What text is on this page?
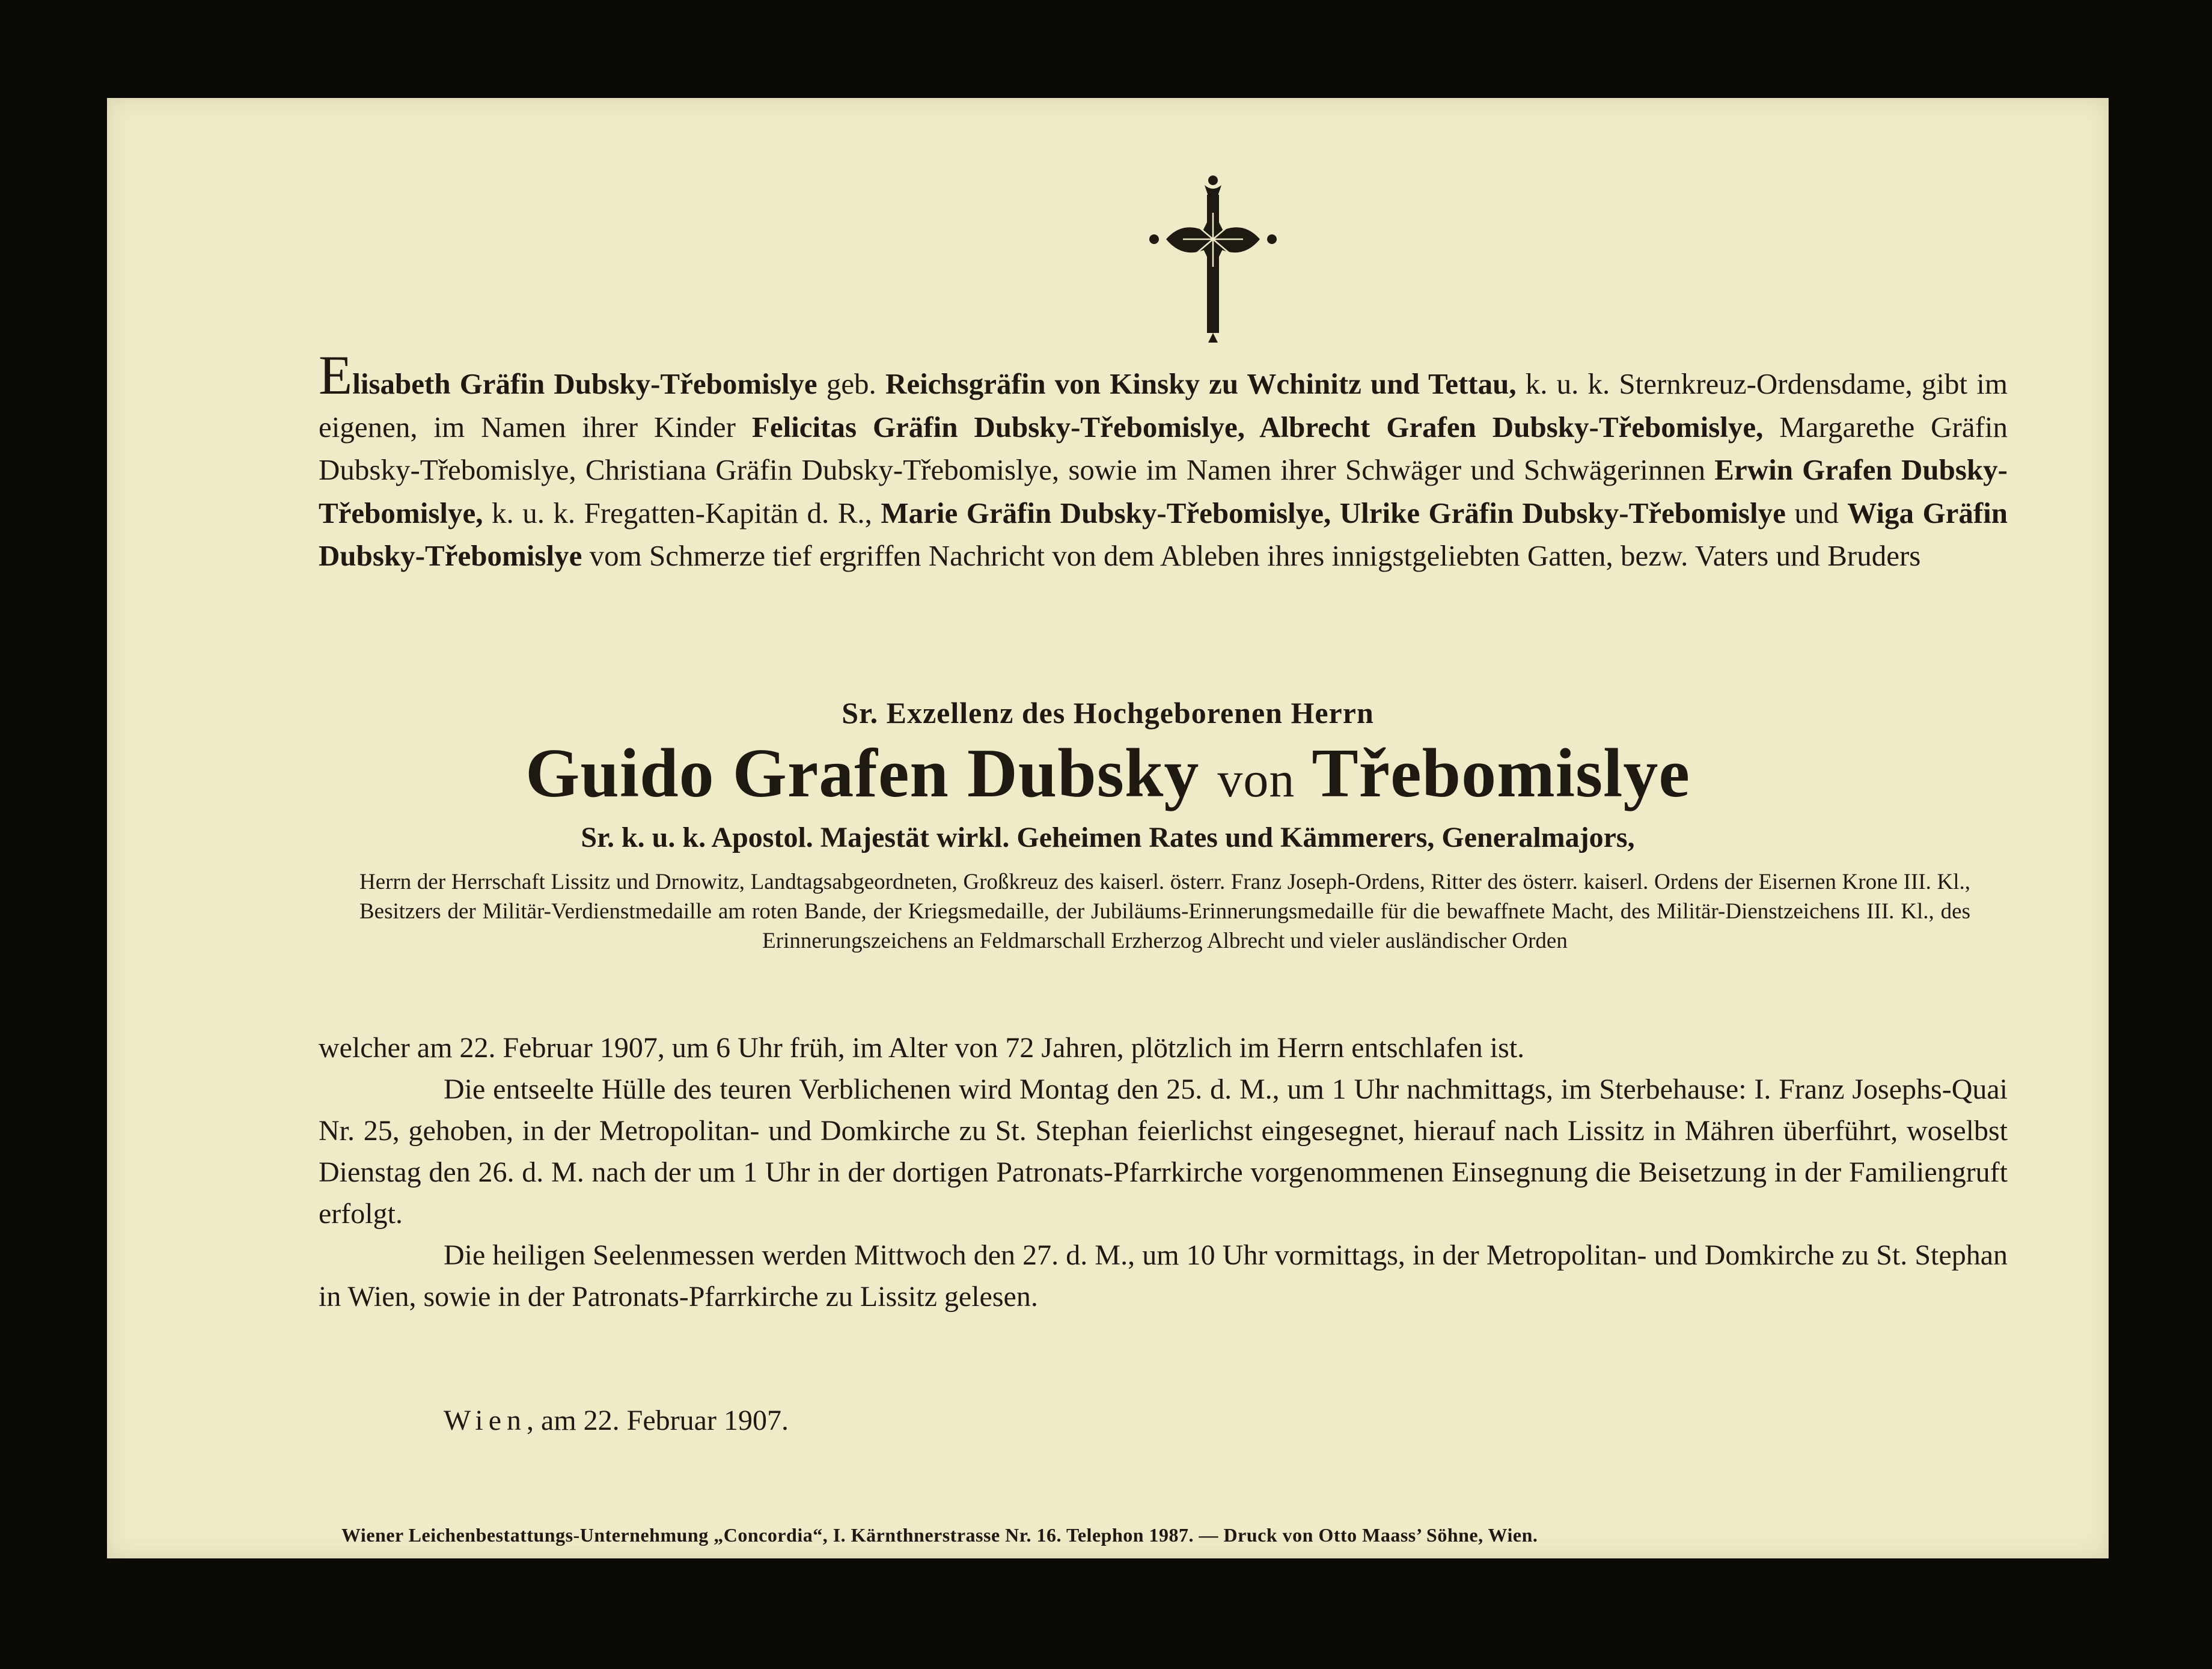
Elisabeth Gräfin Dubsky-Třebomislye geb. Reichsgräfin von Kinsky zu Wchinitz und Tettau, k. u. k. Sternkreuz-Ordensdame, gibt im eigenen, im Namen ihrer Kinder Felicitas Gräfin Dubsky-Třebomislye, Albrecht Grafen Dubsky-Třebomislye, Margarethe Gräfin Dubsky-Třebomislye, Christiana Gräfin Dubsky-Třebomislye, sowie im Namen ihrer Schwäger und Schwägerinnen Erwin Grafen Dubsky-Třebomislye, k. u. k. Fregatten-Kapitän d. R., Marie Gräfin Dubsky-Třebomislye, Ulrike Gräfin Dubsky-Třebomislye und Wiga Gräfin Dubsky-Třebomislye vom Schmerze tief ergriffen Nachricht von dem Ableben ihres innigstgeliebten Gatten, bezw. Vaters und Bruders

Sr. Exzellenz des Hochgeborenen Herrn
Guido Grafen Dubsky von Třebomislye
Sr. k. u. k. Apostol. Majestät wirkl. Geheimen Rates und Kämmerers, Generalmajors,
Herrn der Herrschaft Lissitz und Drnowitz, Landtagsabgeordneten, Großkreuz des kaiserl. österr. Franz Joseph-Ordens, Ritter des österr. kaiserl. Ordens der Eisernen Krone III. Kl., Besitzers der Militär-Verdienstmedaille am roten Bande, der Kriegsmedaille, der Jubiläums-Erinnerungsmedaille für die bewaffnete Macht, des Militär-Dienstzeichens III. Kl., des Erinnerungszeichens an Feldmarschall Erzherzog Albrecht und vieler ausländischer Orden
welcher am 22. Februar 1907, um 6 Uhr früh, im Alter von 72 Jahren, plötzlich im Herrn entschlafen ist.
Die entseelte Hülle des teuren Verblichenen wird Montag den 25. d. M., um 1 Uhr nachmittags, im Sterbehause: I. Franz Josephs-Quai Nr. 25, gehoben, in der Metropolitan- und Domkirche zu St. Stephan feierlichst eingesegnet, hierauf nach Lissitz in Mähren überführt, woselbst Dienstag den 26. d. M. nach der um 1 Uhr in der dortigen Patronats-Pfarrkirche vorgenommenen Einsegnung die Beisetzung in der Familiengruft erfolgt.
Die heiligen Seelenmessen werden Mittwoch den 27. d. M., um 10 Uhr vormittags, in der Metropolitan- und Domkirche zu St. Stephan in Wien, sowie in der Patronats-Pfarrkirche zu Lissitz gelesen.
Wien, am 22. Februar 1907.
Wiener Leichenbestattungs-Unternehmung „Concordia“, I. Kärnthnerstrasse Nr. 16. Telephon 1987. — Druck von Otto Maass’ Söhne, Wien.
